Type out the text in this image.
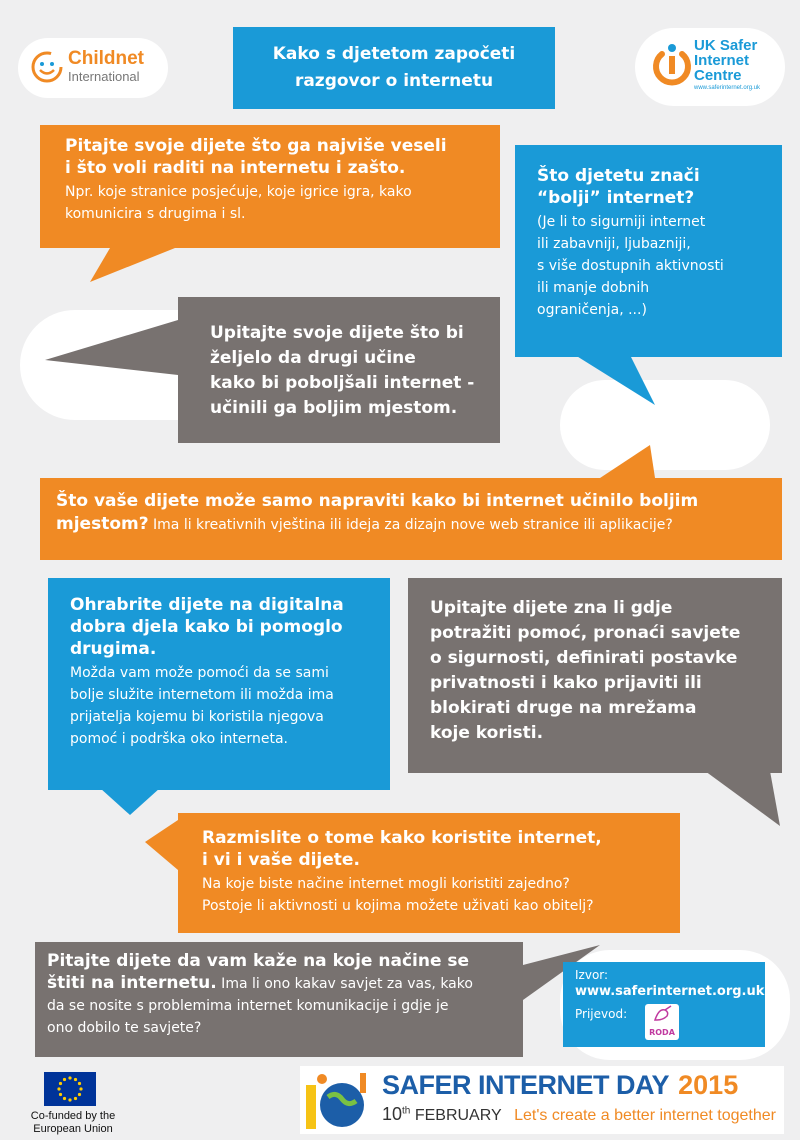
Childnet
International
UK Safer
Internet
Centre
www.saferinternet.org.uk
Kako s djetetom započeti
razgovor o internetu
Pitajte svoje dijete što ga najviše veseli
i što voli raditi na internetu i zašto.
Npr. koje stranice posjećuje, koje igrice igra, kako
komunicira s drugima i sl.
Što djetetu znači
“bolji” internet?
(Je li to sigurniji internet
ili zabavniji, ljubazniji,
s više dostupnih aktivnosti
ili manje dobnih
ograničenja, ...)
Upitajte svoje dijete što bi
željelo da drugi učine
kako bi poboljšali internet -
učinili ga boljim mjestom.
Što vaše dijete može samo napraviti kako bi internet učinilo boljim
mjestom? Ima li kreativnih vještina ili ideja za dizajn nove web stranice ili aplikacije?
Ohrabrite dijete na digitalna
dobra djela kako bi pomoglo
drugima.
Možda vam može pomoći da se sami
bolje služite internetom ili možda ima
prijatelja kojemu bi koristila njegova
pomoć i podrška oko interneta.
Upitajte dijete zna li gdje
potražiti pomoć, pronaći savjete
o sigurnosti, definirati postavke
privatnosti i kako prijaviti ili
blokirati druge na mrežama
koje koristi.
Razmislite o tome kako koristite internet,
i vi i vaše dijete.
Na koje biste načine internet mogli koristiti zajedno?
Postoje li aktivnosti u kojima možete uživati kao obitelj?
Pitajte dijete da vam kaže na koje načine se
štiti na internetu. Ima li ono kakav savjet za vas, kako
da se nosite s problemima internet komunikacije i gdje je
ono dobilo te savjete?
Izvor:
www.saferinternet.org.uk
Prijevod:
RODA
Co-funded by the
European Union
SAFER INTERNET DAY 2015
10th FEBRUARY Let's create a better internet together
